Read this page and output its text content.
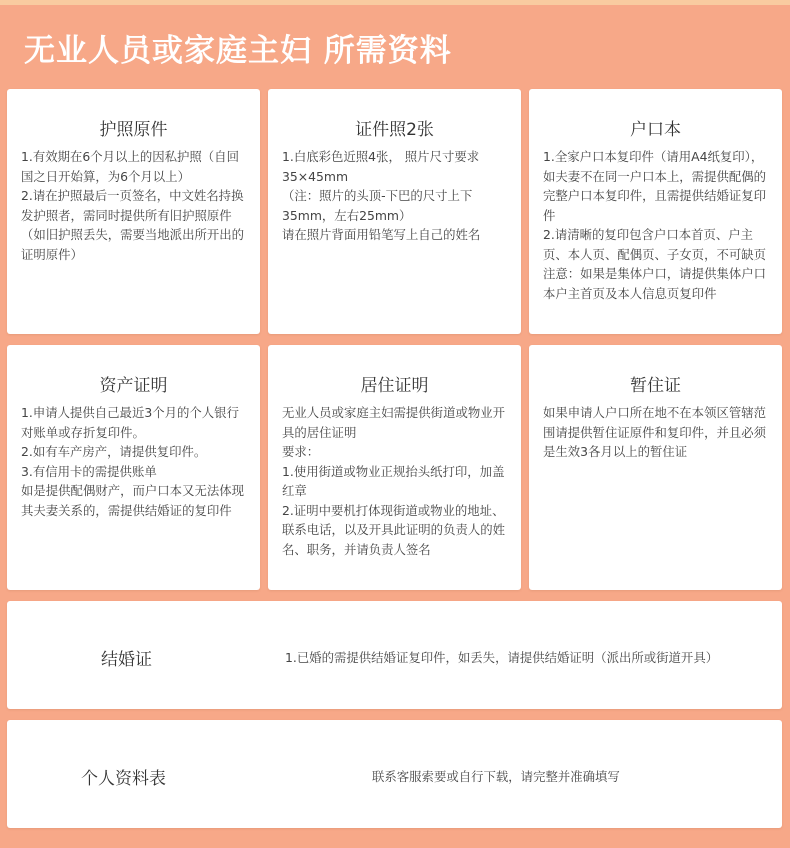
无业人员或家庭主妇 所需资料
护照原件

1.有效期在6个月以上的因私护照（自回国之日开始算，为6个月以上）

2.请在护照最后一页签名，中文姓名持换发护照者，需同时提供所有旧护照原件（如旧护照丢失，需要当地派出所开出的证明原件）

证件照2张

1.白底彩色近照4张， 照片尺寸要求35×45mm

（注：照片的头顶-下巴的尺寸上下35mm，左右25mm）

请在照片背面用铅笔写上自己的姓名

户口本

1.全家户口本复印件（请用A4纸复印），如夫妻不在同一户口本上，需提供配偶的完整户口本复印件，且需提供结婚证复印件

2.请清晰的复印包含户口本首页、户主页、本人页、配偶页、子女页，不可缺页

注意：如果是集体户口，请提供集体户口本户主首页及本人信息页复印件

资产证明

1.申请人提供自己最近3个月的个人银行对账单或存折复印件。

2.如有车产房产，请提供复印件。

3.有信用卡的需提供账单

如是提供配偶财产，而户口本又无法体现其夫妻关系的，需提供结婚证的复印件

居住证明

无业人员或家庭主妇需提供街道或物业开具的居住证明

要求：

1.使用街道或物业正规抬头纸打印，加盖红章

2.证明中要机打体现街道或物业的地址、联系电话，以及开具此证明的负责人的姓名、职务，并请负责人签名

暂住证

如果申请人户口所在地不在本领区管辖范围请提供暂住证原件和复印件，并且必须是生效3各月以上的暂住证

结婚证	1.已婚的需提供结婚证复印件，如丢失，请提供结婚证明（派出所或街道开具）
个人资料表	联系客服索要或自行下载，请完整并准确填写
